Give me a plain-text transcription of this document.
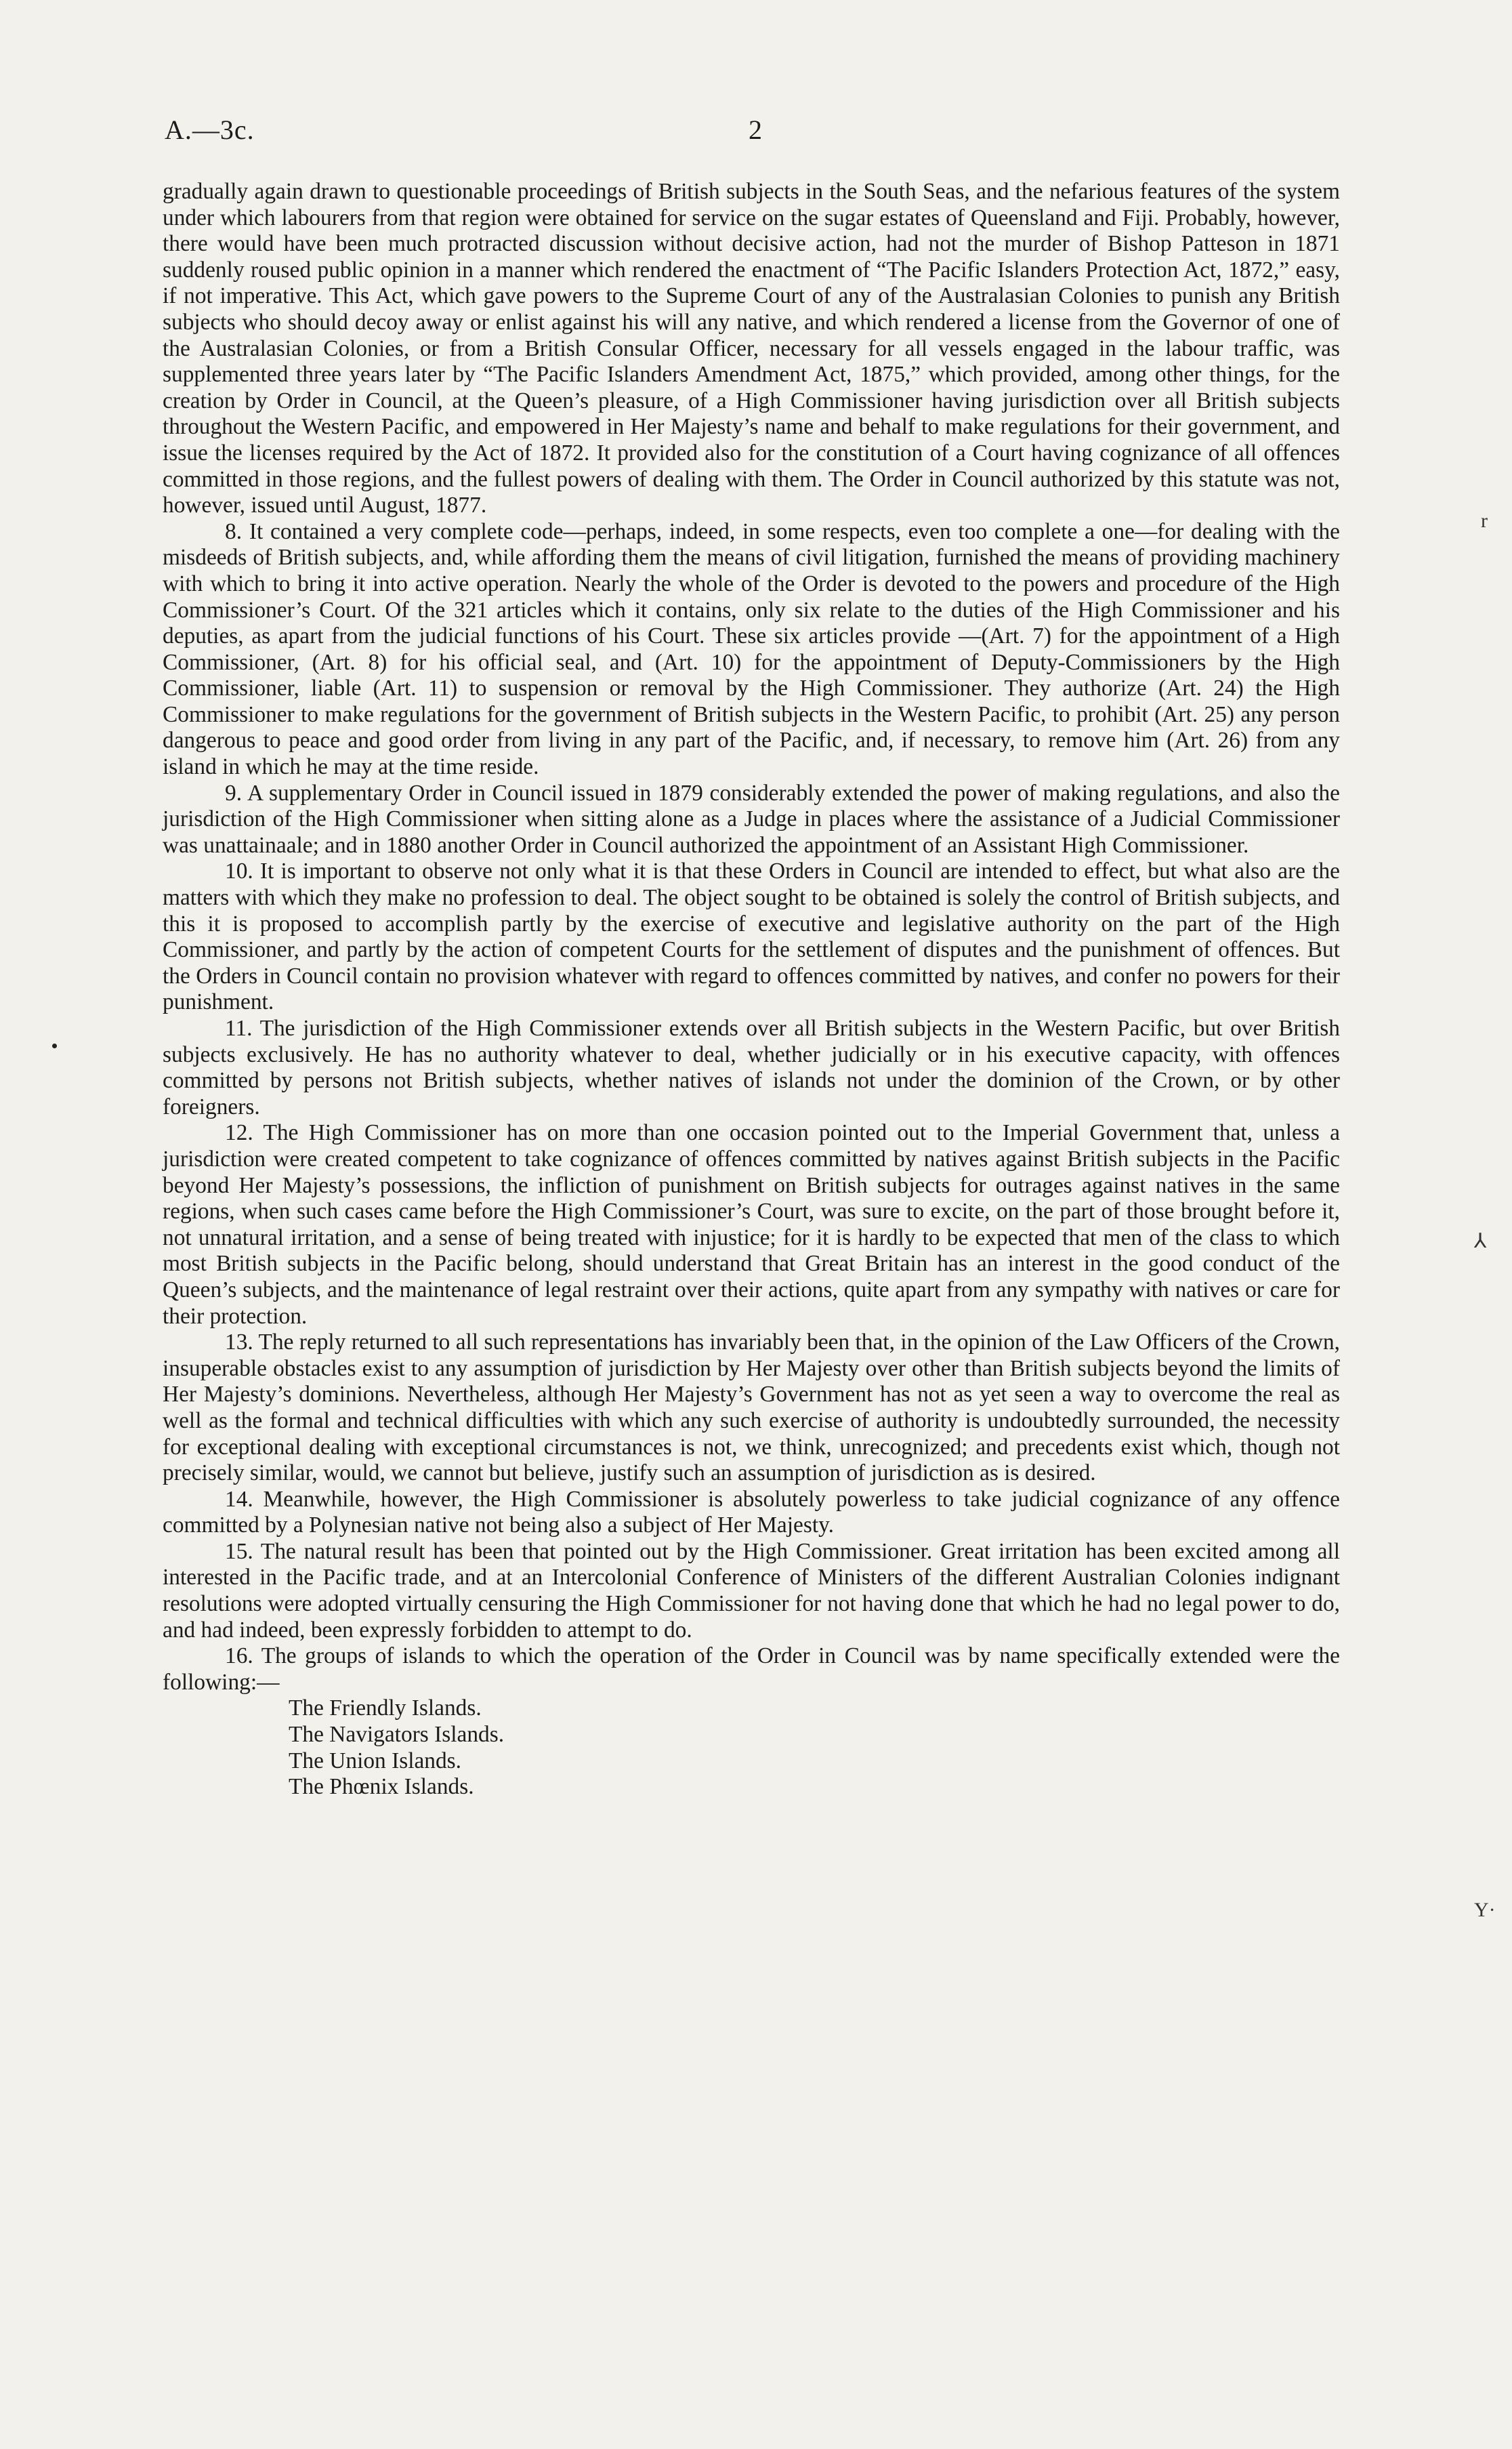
A.—3c.	2

gradually again drawn to questionable proceedings of British subjects in the South Seas, and the nefarious features of the system under which labourers from that region were obtained for service on the sugar estates of Queensland and Fiji. Probably, however, there would have been much protracted discussion without decisive action, had not the murder of Bishop Patteson in 1871 suddenly roused public opinion in a manner which rendered the enactment of “The Pacific Islanders Protection Act, 1872,” easy, if not imperative. This Act, which gave powers to the Supreme Court of any of the Australasian Colonies to punish any British subjects who should decoy away or enlist against his will any native, and which rendered a license from the Governor of one of the Australasian Colonies, or from a British Consular Officer, necessary for all vessels engaged in the labour traffic, was supplemented three years later by “The Pacific Islanders Amendment Act, 1875,” which provided, among other things, for the creation by Order in Council, at the Queen’s pleasure, of a High Commissioner having jurisdiction over all British subjects throughout the Western Pacific, and empowered in Her Majesty’s name and behalf to make regulations for their government, and issue the licenses required by the Act of 1872. It provided also for the constitution of a Court having cognizance of all offences committed in those regions, and the fullest powers of dealing with them. The Order in Council authorized by this statute was not, however, issued until August, 1877.

8. It contained a very complete code—perhaps, indeed, in some respects, even too complete a one—for dealing with the misdeeds of British subjects, and, while affording them the means of civil litigation, furnished the means of providing machinery with which to bring it into active operation. Nearly the whole of the Order is devoted to the powers and procedure of the High Commissioner’s Court. Of the 321 articles which it contains, only six relate to the duties of the High Commissioner and his deputies, as apart from the judicial functions of his Court. These six articles provide —(Art. 7) for the appointment of a High Commissioner, (Art. 8) for his official seal, and (Art. 10) for the appointment of Deputy-Commissioners by the High Commissioner, liable (Art. 11) to suspension or removal by the High Commissioner. They authorize (Art. 24) the High Commissioner to make regulations for the government of British subjects in the Western Pacific, to prohibit (Art. 25) any person dangerous to peace and good order from living in any part of the Pacific, and, if necessary, to remove him (Art. 26) from any island in which he may at the time reside.

9. A supplementary Order in Council issued in 1879 considerably extended the power of making regulations, and also the jurisdiction of the High Commissioner when sitting alone as a Judge in places where the assistance of a Judicial Commissioner was unattainaale; and in 1880 another Order in Council authorized the appointment of an Assistant High Commissioner.

10. It is important to observe not only what it is that these Orders in Council are intended to effect, but what also are the matters with which they make no profession to deal. The object sought to be obtained is solely the control of British subjects, and this it is proposed to accomplish partly by the exercise of executive and legislative authority on the part of the High Commissioner, and partly by the action of competent Courts for the settlement of disputes and the punishment of offences. But the Orders in Council contain no provision whatever with regard to offences committed by natives, and confer no powers for their punishment.

11. The jurisdiction of the High Commissioner extends over all British subjects in the Western Pacific, but over British subjects exclusively. He has no authority whatever to deal, whether judicially or in his executive capacity, with offences committed by persons not British subjects, whether natives of islands not under the dominion of the Crown, or by other foreigners.

12. The High Commissioner has on more than one occasion pointed out to the Imperial Government that, unless a jurisdiction were created competent to take cognizance of offences committed by natives against British subjects in the Pacific beyond Her Majesty’s possessions, the infliction of punishment on British subjects for outrages against natives in the same regions, when such cases came before the High Commissioner’s Court, was sure to excite, on the part of those brought before it, not unnatural irritation, and a sense of being treated with injustice; for it is hardly to be expected that men of the class to which most British subjects in the Pacific belong, should understand that Great Britain has an interest in the good conduct of the Queen’s subjects, and the maintenance of legal restraint over their actions, quite apart from any sympathy with natives or care for their protection.

13. The reply returned to all such representations has invariably been that, in the opinion of the Law Officers of the Crown, insuperable obstacles exist to any assumption of jurisdiction by Her Majesty over other than British subjects beyond the limits of Her Majesty’s dominions. Nevertheless, although Her Majesty’s Government has not as yet seen a way to overcome the real as well as the formal and technical difficulties with which any such exercise of authority is undoubtedly surrounded, the necessity for exceptional dealing with exceptional circumstances is not, we think, unrecognized; and precedents exist which, though not precisely similar, would, we cannot but believe, justify such an assumption of jurisdiction as is desired.

14. Meanwhile, however, the High Commissioner is absolutely powerless to take judicial cognizance of any offence committed by a Polynesian native not being also a subject of Her Majesty.

15. The natural result has been that pointed out by the High Commissioner. Great irritation has been excited among all interested in the Pacific trade, and at an Intercolonial Conference of Ministers of the different Australian Colonies indignant resolutions were adopted virtually censuring the High Commissioner for not having done that which he had no legal power to do, and had indeed, been expressly forbidden to attempt to do.

16. The groups of islands to which the operation of the Order in Council was by name specifically extended were the following:—

The Friendly Islands.
The Navigators Islands.
The Union Islands.
The Phœnix Islands.
r
⅄
Y·
